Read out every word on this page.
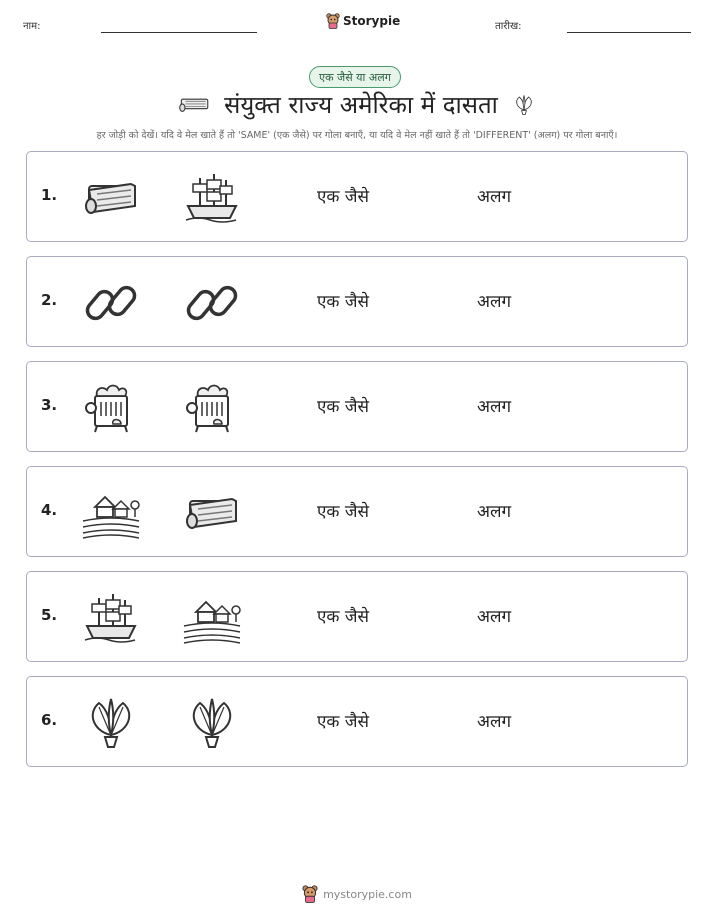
नाम:	Storypie	तारीख:
एक जैसे या अलग
संयुक्त राज्य अमेरिका में दासता
हर जोड़ी को देखें। यदि वे मेल खाते हैं तो 'SAME' (एक जैसे) पर गोला बनाएँ, या यदि वे मेल नहीं खाते हैं तो 'DIFFERENT' (अलग) पर गोला बनाएँ।
1.	एक जैसे	अलग
2.	एक जैसे	अलग
3.	एक जैसे	अलग
4.	एक जैसे	अलग
5.	एक जैसे	अलग
6.	एक जैसे	अलग
mystorypie.com
